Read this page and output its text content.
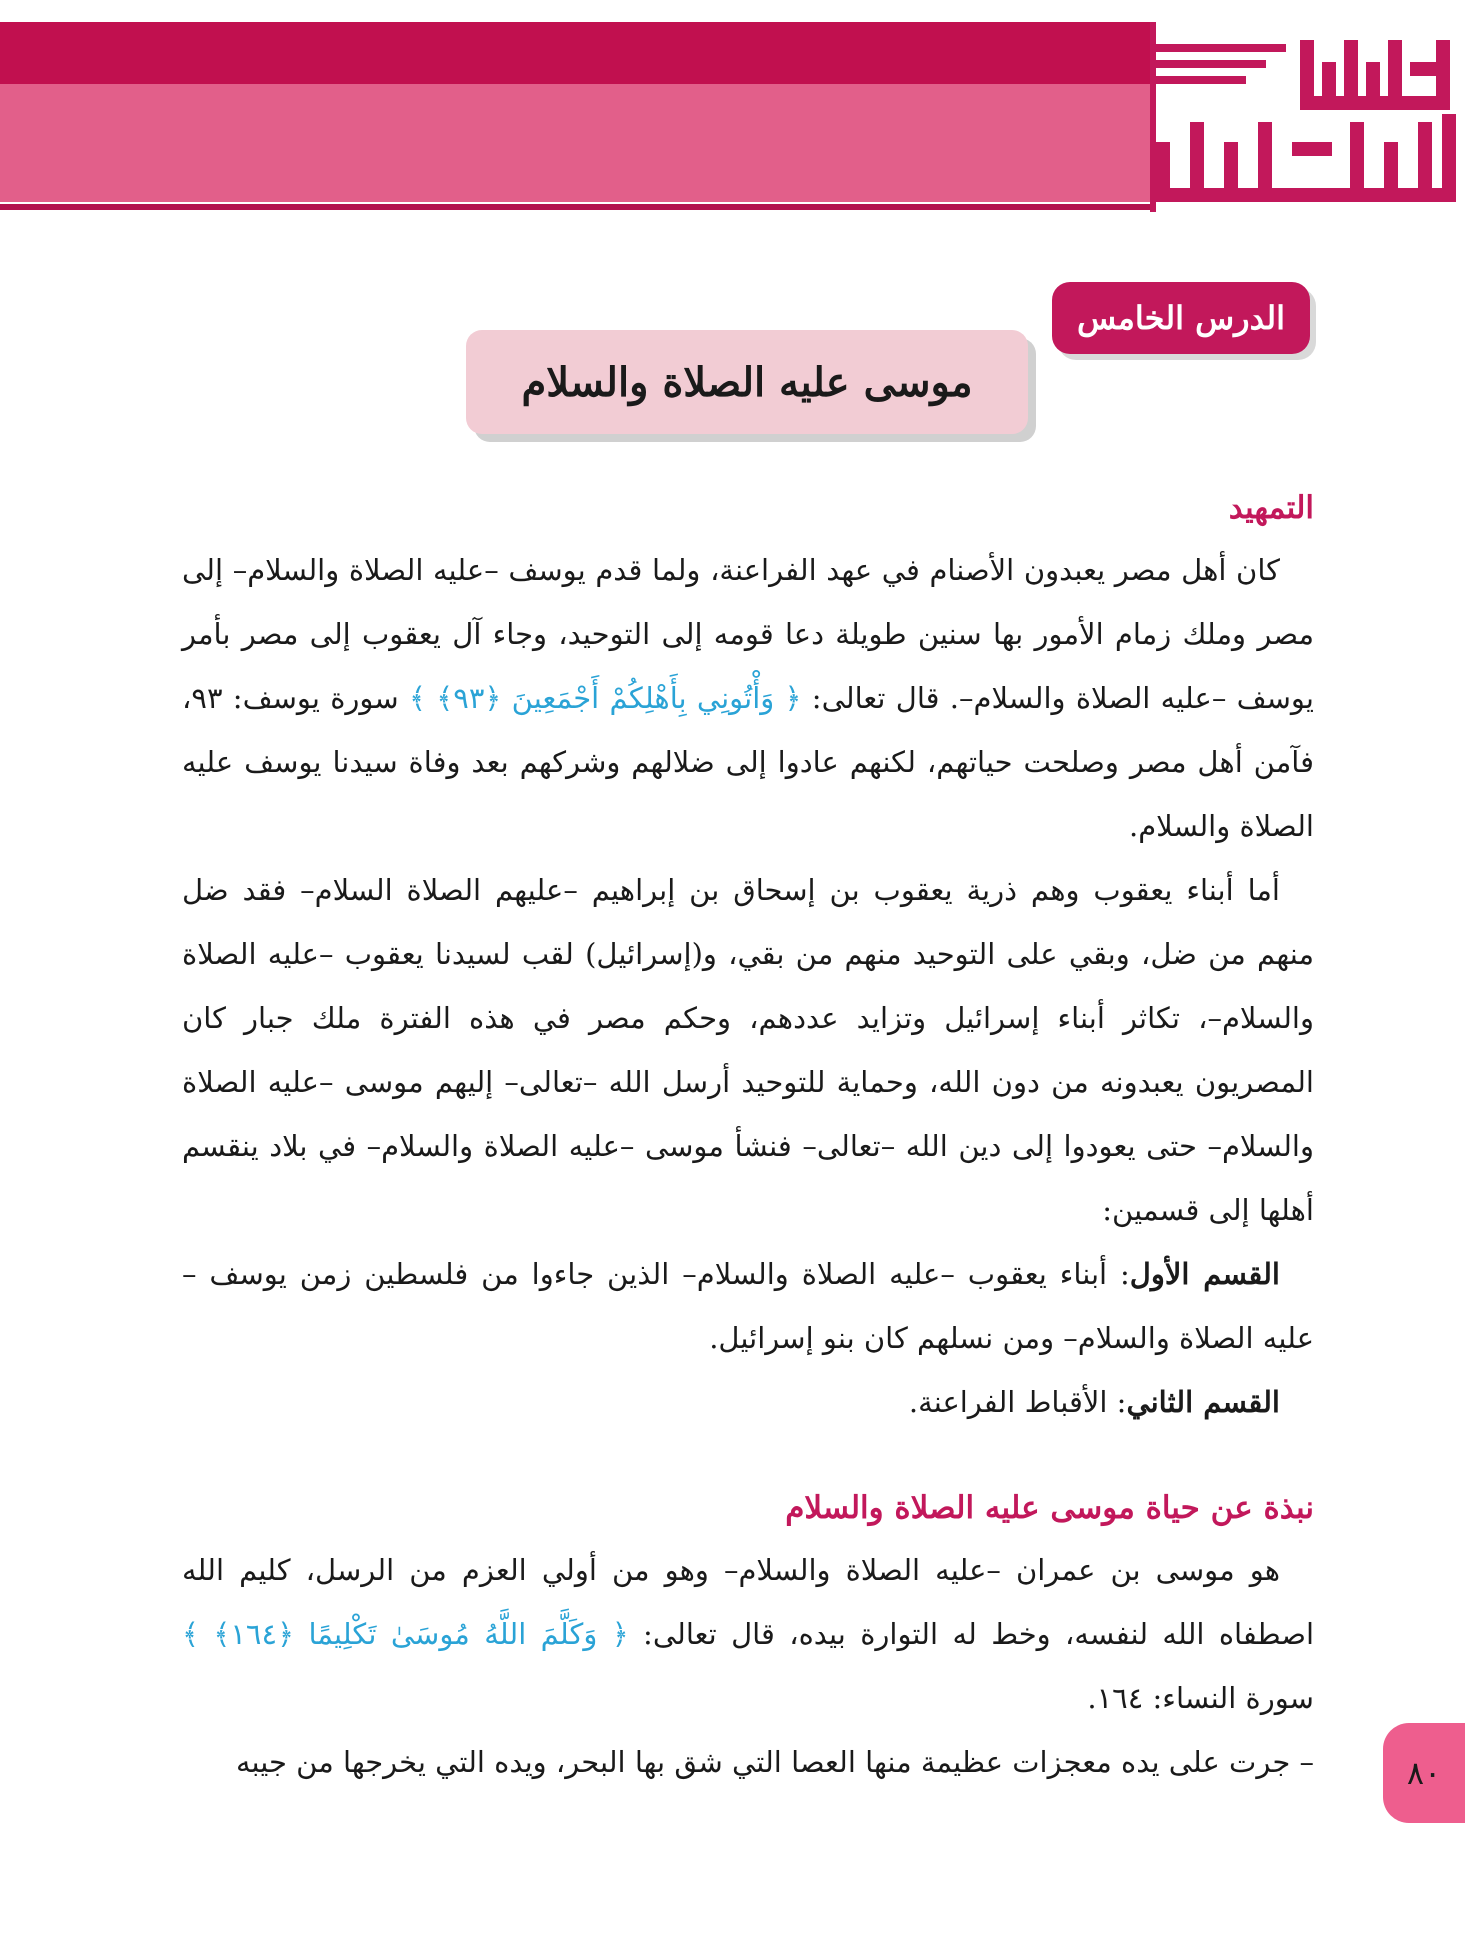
الدرس الخامس
موسى عليه الصلاة والسلام
التمهيد

كان أهل مصر يعبدون الأصنام في عهد الفراعنة، ولما قدم يوسف –عليه الصلاة والسلام– إلى مصر وملك زمام الأمور بها سنين طويلة دعا قومه إلى التوحيد، وجاء آل يعقوب إلى مصر بأمر يوسف –عليه الصلاة والسلام–. قال تعالى: ﴿ وَأْتُونِي بِأَهْلِكُمْ أَجْمَعِينَ ﴿٩٣﴾ ﴾ سورة يوسف: ٩٣، فآمن أهل مصر وصلحت حياتهم، لكنهم عادوا إلى ضلالهم وشركهم بعد وفاة سيدنا يوسف عليه الصلاة والسلام.

أما أبناء يعقوب وهم ذرية يعقوب بن إسحاق بن إبراهيم –عليهم الصلاة السلام– فقد ضل منهم من ضل، وبقي على التوحيد منهم من بقي، و(إسرائيل) لقب لسيدنا يعقوب –عليه الصلاة والسلام–، تكاثر أبناء إسرائيل وتزايد عددهم، وحكم مصر في هذه الفترة ملك جبار كان المصريون يعبدونه من دون الله، وحماية للتوحيد أرسل الله –تعالى– إليهم موسى –عليه الصلاة والسلام– حتى يعودوا إلى دين الله –تعالى– فنشأ موسى –عليه الصلاة والسلام– في بلاد ينقسم أهلها إلى قسمين:

القسم الأول: أبناء يعقوب –عليه الصلاة والسلام– الذين جاءوا من فلسطين زمن يوسف –عليه الصلاة والسلام– ومن نسلهم كان بنو إسرائيل.

القسم الثاني: الأقباط الفراعنة.

نبذة عن حياة موسى عليه الصلاة والسلام

هو موسى بن عمران –عليه الصلاة والسلام– وهو من أولي العزم من الرسل، كليم الله اصطفاه الله لنفسه، وخط له التوارة بيده، قال تعالى: ﴿ وَكَلَّمَ اللَّهُ مُوسَىٰ تَكْلِيمًا ﴿١٦٤﴾ ﴾ سورة النساء: ١٦٤.

– جرت على يده معجزات عظيمة منها العصا التي شق بها البحر، ويده التي يخرجها من جيبه	٨٠
